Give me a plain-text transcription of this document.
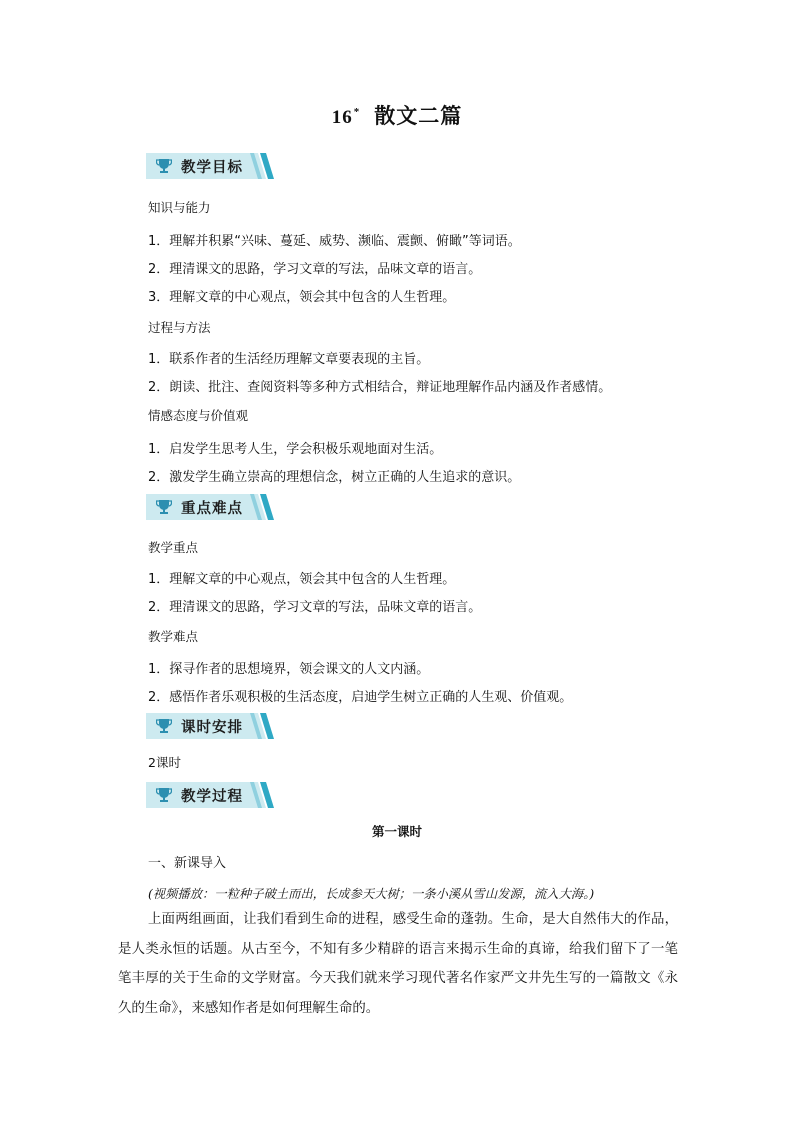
16* 散文二篇
教学目标
知识与能力
1．理解并积累“兴味、蔓延、威势、濒临、震颤、俯瞰”等词语。
2．理清课文的思路，学习文章的写法，品味文章的语言。
3．理解文章的中心观点，领会其中包含的人生哲理。
过程与方法
1．联系作者的生活经历理解文章要表现的主旨。
2．朗读、批注、查阅资料等多种方式相结合，辩证地理解作品内涵及作者感情。
情感态度与价值观
1．启发学生思考人生，学会积极乐观地面对生活。
2．激发学生确立崇高的理想信念，树立正确的人生追求的意识。
重点难点
教学重点
1．理解文章的中心观点，领会其中包含的人生哲理。
2．理清课文的思路，学习文章的写法，品味文章的语言。
教学难点
1．探寻作者的思想境界，领会课文的人文内涵。
2．感悟作者乐观积极的生活态度，启迪学生树立正确的人生观、价值观。
课时安排
2课时
教学过程
第一课时
一、新课导入
(视频播放：一粒种子破土而出，长成参天大树；一条小溪从雪山发源，流入大海。)
上面两组画面，让我们看到生命的进程，感受生命的蓬勃。生命，是大自然伟大的作品，是人类永恒的话题。从古至今，不知有多少精辟的语言来揭示生命的真谛，给我们留下了一笔笔丰厚的关于生命的文学财富。今天我们就来学习现代著名作家严文井先生写的一篇散文《永久的生命》，来感知作者是如何理解生命的。
